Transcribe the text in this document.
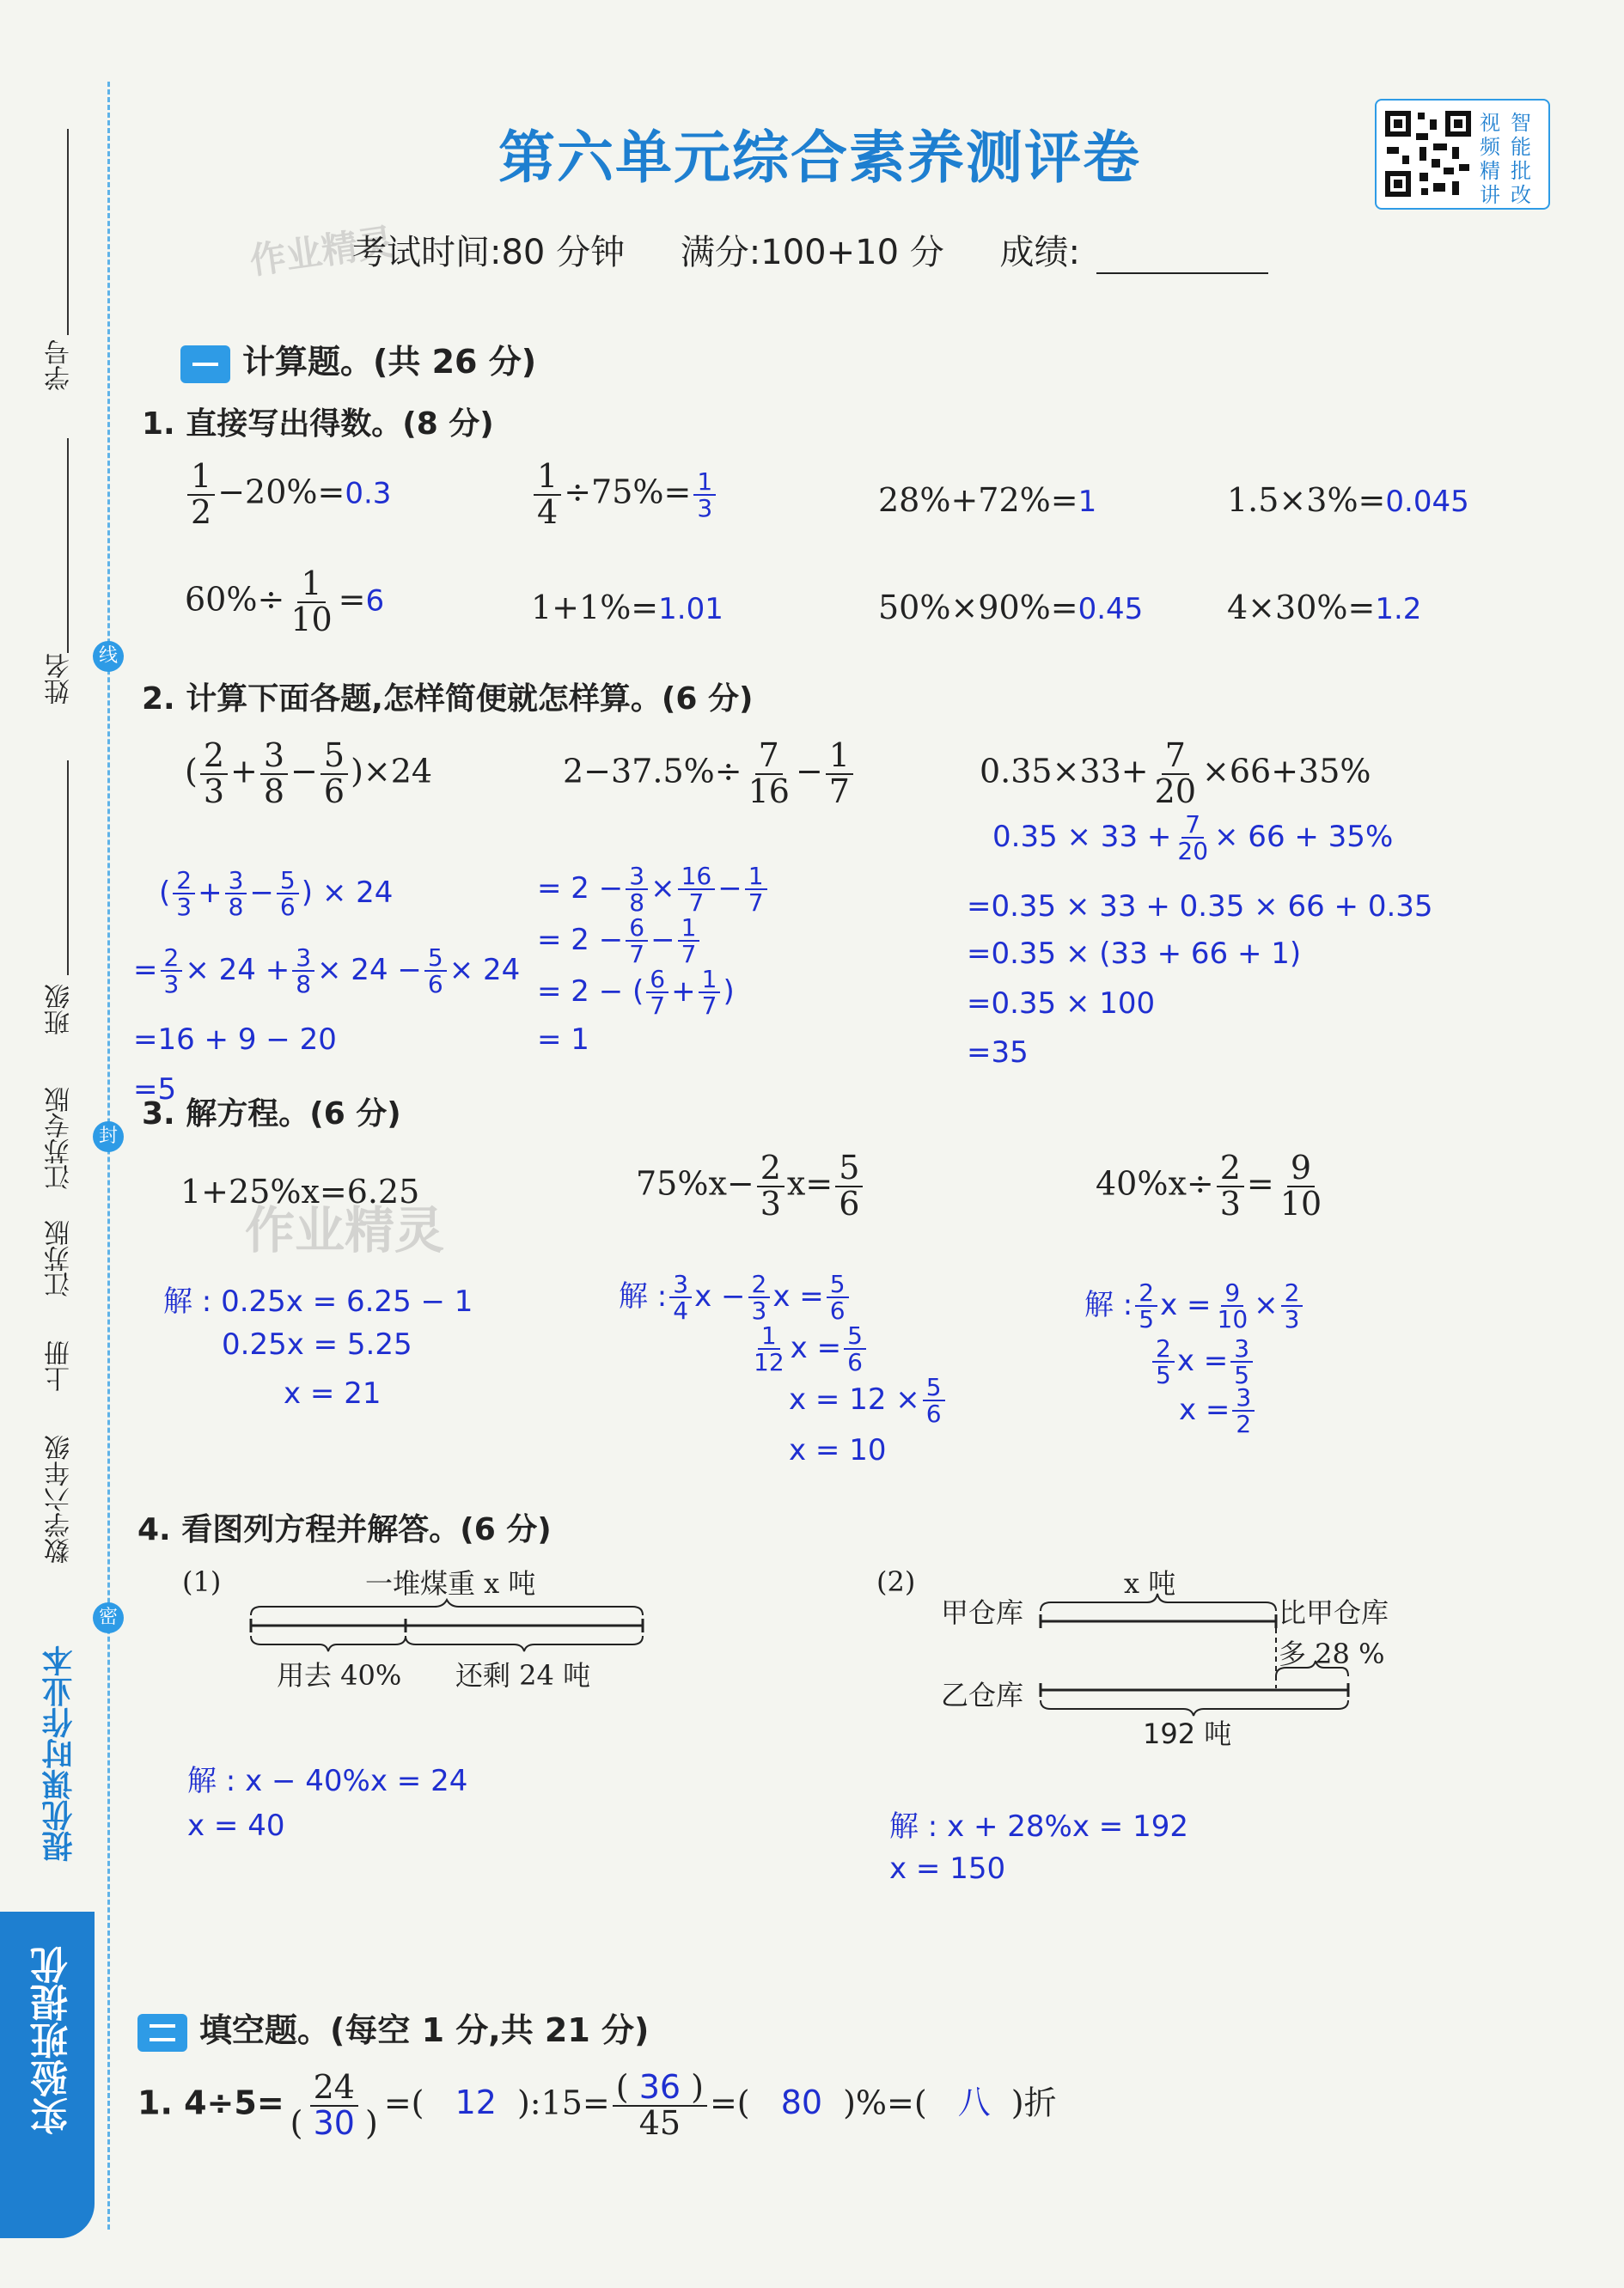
学号
姓名	线
班级
江苏专版	封
江苏版
上册
数学六年级
密
提优课时作业本
实验班提优
第六单元综合素养测评卷
视 智
频 能
精 批
讲 改
作业精灵
考试时间:80 分钟 满分:100+10 分 成绩:
计算题。(共 26 分)
1. 直接写出得数。(8 分)
$\frac{1}{2} -20\%=0.3$	$\frac{1}{4} \div 75\%= \frac{1}{3}$	28%+72%=1	1.5×3%=0.045
$60\%\div \frac{1}{10} =6$	1+1%=1.01	50%×90%=0.45	4×30%=1.2
2. 计算下面各题,怎样简便就怎样算。(6 分)
( $\frac{2}{3} + \frac{3}{8} - \frac{5}{6} )\times 24$	$2-37.5\%\div \frac{7}{16} - \frac{1}{7}$	$0.35\times 33+ \frac{7}{20} \times 66+35\%$
( $\frac{2}{3} + \frac{3}{8} - \frac{5}{6}$ ) × 24
= $\frac{2}{3} \times 24 + \frac{3}{8} \times 24 - \frac{5}{6} \times 24$
=16 + 9 − 20
=5
= $2 - \frac{3}{8} \times \frac{16}{7} - \frac{1}{7}$
= $2 - \frac{6}{7} - \frac{1}{7}$
= 2 − ( $\frac{6}{7} + \frac{1}{7}$ )
= 1
$0.35 \times 33 + \frac{7}{20} \times 66 + 35\%$
=0.35 × 33 + 0.35 × 66 + 0.35
=0.35 × (33 + 66 + 1)
=0.35 × 100
=35
3. 解方程。(6 分)
1+25%x=6.25	$75\%x- \frac{2}{3} x= \frac{5}{6}$	$40\%x\div \frac{2}{3} = \frac{9}{10}$
作业精灵
解 : 0.25x = 6.25 − 1
0.25x = 5.25
x = 21
解 : $\frac{3}{4}$ $x - \frac{2}{3}$ $x = \frac{5}{6}$
$\frac{1}{12}$ $x = \frac{5}{6}$
$x = 12 \times \frac{5}{6}$
x = 10
解 : $\frac{2}{5}$ $x = \frac{9}{10} \times \frac{2}{3}$
$\frac{2}{5}$ $x = \frac{3}{5}$
$x = \frac{3}{2}$
4. 看图列方程并解答。(6 分)
(1)	一堆煤重 x 吨
用去 40% 还剩 24 吨
解 : x − 40%x = 24
x = 40
(2)
甲仓库
乙仓库
x 吨
比甲仓库
多 28 %
192 吨
解 : x + 28%x = 192
x = 150
填空题。(每空 1 分,共 21 分)
1. $4\div 5= \frac{24}{( 30 )}$ =( 12 ):15= $\frac{( 36 )}{45}$ =( 80 )%=( 八 )折
